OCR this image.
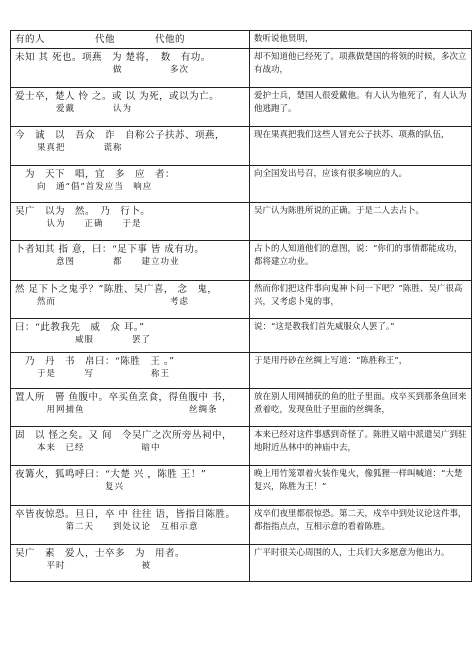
有的人　　　　　代他　　　　代他的	数听说他贤明，

未知 其 死也。项燕　为 楚将，　数　有功。
　　　　　　　　做　　　　　多次	却不知道他已经死了。项燕做楚国的将领的时候，多次立有战功，

爱士卒，楚人 怜 之。或 以 为死，或以为亡。
　　爱戴　　　　认为	爱护士兵，楚国人很爱戴他。有人认为他死了，有人认为他逃跑了。

今　诚　以　吾众　诈　自称公子扶苏、项燕，
果真把　　　　谎称	现在果真把我们这些人冒充公子扶苏、项燕的队伍，

　为　天下　唱，宜　多　应　者：
向　通“倡”首发应当　响应	向全国发出号召，应该有很多响应的人。

吴广　以为　然。　乃　行卜。
　认为　　正确　　于是	吴广认为陈胜所说的正确。于是二人去占卜。

卜者知其 指 意，曰：“足下事 皆 成有功。
　　意图　　　　都　　建立功业	占卜的人知道他们的意图，说：“你们的事情都能成功，都将建立功业。

然 足下卜之鬼乎？”陈胜、吴广喜， 念　鬼，
然而　　　　　　　　　　　　考虑	然而你们把这件事向鬼神卜问一下吧？”陈胜、吴广很高兴，又考虑卜鬼的事，

曰：“此教我先　威　众 耳。”
　　　　威服　　　　罢了	说：“这是教我们首先威服众人罢了。”

　乃　丹　书　帛曰：“陈胜　王 。”
于是　　　写　　　　　　称王	于是用丹砂在丝绸上写道：“陈胜称王”，

置人所　罾 鱼腹中。卒买鱼烹食，得鱼腹中 书，
　用网捕鱼　　　　　　　　　　　丝绸条	放在别人用网捕获的鱼的肚子里面。戍卒买到那条鱼回来煮着吃，发现鱼肚子里面的丝绸条，

固　以 怪之矣。又 间　令吴广之次所旁丛祠中，
本来　已经　　　　　　暗中	本来已经对这件事感到奇怪了。陈胜又暗中派遣吴广到驻地附近丛林中的神庙中去，

夜篝火，狐鸣呼曰：“大楚 兴 ，陈胜 王！”
复兴	晚上用竹笼罩着火装作鬼火，像狐狸一样叫喊道：“大楚复兴，陈胜为王！”

卒皆夜惊恐。旦日，卒 中 往往 语，皆指目陈胜。
　　　第二天　　到处议论　互相示意	戍卒们夜里都很惊恐。第二天，戍卒中到处议论这件事，都指指点点，互相示意的看着陈胜。

吴广　素　爱人，士卒多　为　用者。
　平时　　　　　　　　被	广平时很关心周围的人，士兵们大多愿意为他出力。
